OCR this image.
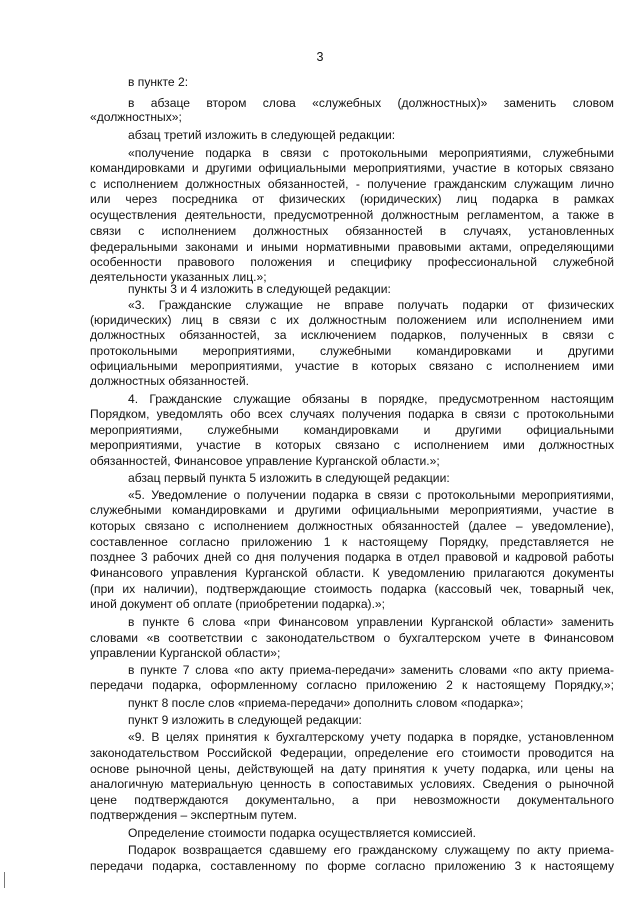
3
в пункте 2:
в абзаце втором слова «служебных (должностных)» заменить словом
«должностных»;
абзац третий изложить в следующей редакции:
«получение подарка в связи с протокольными мероприятиями, служебными
командировками и другими официальными мероприятиями, участие в которых связано
с исполнением должностных обязанностей, - получение гражданским служащим лично
или через посредника от физических (юридических) лиц подарка в рамках
осуществления деятельности, предусмотренной должностным регламентом, а также в
связи с исполнением должностных обязанностей в случаях, установленных
федеральными законами и иными нормативными правовыми актами, определяющими
особенности правового положения и специфику профессиональной служебной
деятельности указанных лиц.»;
пункты 3 и 4 изложить в следующей редакции:
«3. Гражданские служащие не вправе получать подарки от физических
(юридических) лиц в связи с их должностным положением или исполнением ими
должностных обязанностей, за исключением подарков, полученных в связи с
протокольными мероприятиями, служебными командировками и другими
официальными мероприятиями, участие в которых связано с исполнением ими
должностных обязанностей.
4. Гражданские служащие обязаны в порядке, предусмотренном настоящим
Порядком, уведомлять обо всех случаях получения подарка в связи с протокольными
мероприятиями, служебными командировками и другими официальными
мероприятиями, участие в которых связано с исполнением ими должностных
обязанностей, Финансовое управление Курганской области.»;
абзац первый пункта 5 изложить в следующей редакции:
«5. Уведомление о получении подарка в связи с протокольными мероприятиями,
служебными командировками и другими официальными мероприятиями, участие в
которых связано с исполнением должностных обязанностей (далее – уведомление),
составленное согласно приложению 1 к настоящему Порядку, представляется не
позднее 3 рабочих дней со дня получения подарка в отдел правовой и кадровой работы
Финансового управления Курганской области. К уведомлению прилагаются документы
(при их наличии), подтверждающие стоимость подарка (кассовый чек, товарный чек,
иной документ об оплате (приобретении подарка).»;
в пункте 6 слова «при Финансовом управлении Курганской области» заменить
словами «в соответствии с законодательством о бухгалтерском учете в Финансовом
управлении Курганской области»;
в пункте 7 слова «по акту приема-передачи» заменить словами «по акту приема-
передачи подарка, оформленному согласно приложению 2 к настоящему Порядку,»;
пункт 8 после слов «приема-передачи» дополнить словом «подарка»;
пункт 9 изложить в следующей редакции:
«9. В целях принятия к бухгалтерскому учету подарка в порядке, установленном
законодательством Российской Федерации, определение его стоимости проводится на
основе рыночной цены, действующей на дату принятия к учету подарка, или цены на
аналогичную материальную ценность в сопоставимых условиях. Сведения о рыночной
цене подтверждаются документально, а при невозможности документального
подтверждения – экспертным путем.
Определение стоимости подарка осуществляется комиссией.
Подарок возвращается сдавшему его гражданскому служащему по акту приема-
передачи подарка, составленному по форме согласно приложению 3 к настоящему
